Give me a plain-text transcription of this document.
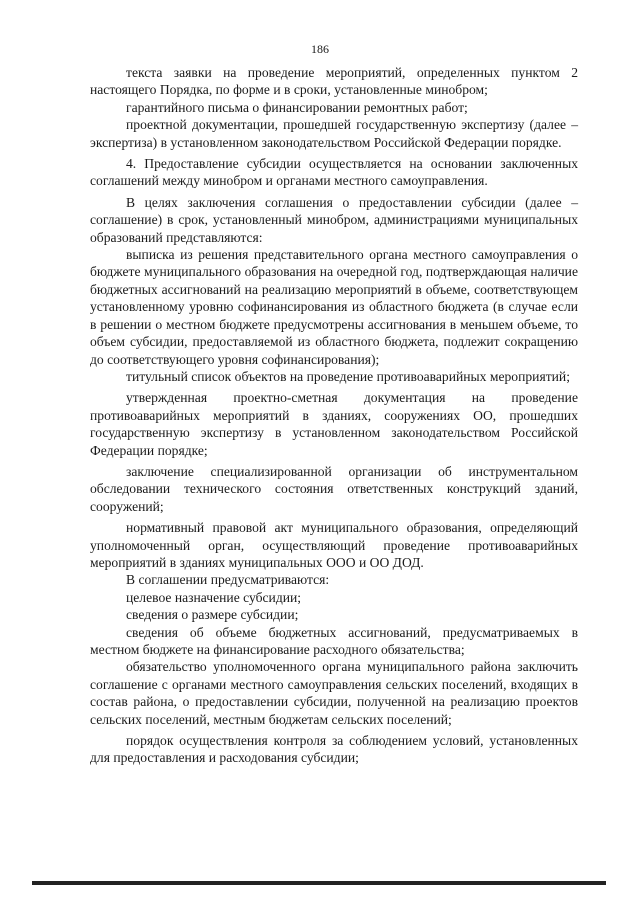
186

текста заявки на проведение мероприятий, определенных пунктом 2 настоящего Порядка, по форме и в сроки, установленные минобром;

гарантийного письма о финансировании ремонтных работ;

проектной документации, прошедшей государственную экспертизу (далее – экспертиза) в установленном законодательством Российской Федерации порядке.

4. Предоставление субсидии осуществляется на основании заключенных соглашений между минобром и органами местного самоуправления.

В целях заключения соглашения о предоставлении субсидии (далее – соглашение) в срок, установленный минобром, администрациями муниципальных образований представляются:

выписка из решения представительного органа местного самоуправления о бюджете муниципального образования на очередной год, подтверждающая наличие бюджетных ассигнований на реализацию мероприятий в объеме, соответствующем установленному уровню софинансирования из областного бюджета (в случае если в решении о местном бюджете предусмотрены ассигнования в меньшем объеме, то объем субсидии, предоставляемой из областного бюджета, подлежит сокращению до соответствующего уровня софинансирования);

титульный список объектов на проведение противоаварийных мероприятий;

утвержденная проектно-сметная документация на проведение противоаварийных мероприятий в зданиях, сооружениях ОО, прошедших государственную экспертизу в установленном законодательством Российской Федерации порядке;

заключение специализированной организации об инструментальном обследовании технического состояния ответственных конструкций зданий, сооружений;

нормативный правовой акт муниципального образования, определяющий уполномоченный орган, осуществляющий проведение противоаварийных мероприятий в зданиях муниципальных ООО и ОО ДОД.

В соглашении предусматриваются:

целевое назначение субсидии;

сведения о размере субсидии;

сведения об объеме бюджетных ассигнований, предусматриваемых в местном бюджете на финансирование расходного обязательства;

обязательство уполномоченного органа муниципального района заключить соглашение с органами местного самоуправления сельских поселений, входящих в состав района, о предоставлении субсидии, полученной на реализацию проектов сельских поселений, местным бюджетам сельских поселений;

порядок осуществления контроля за соблюдением условий, установленных для предоставления и расходования субсидии;
